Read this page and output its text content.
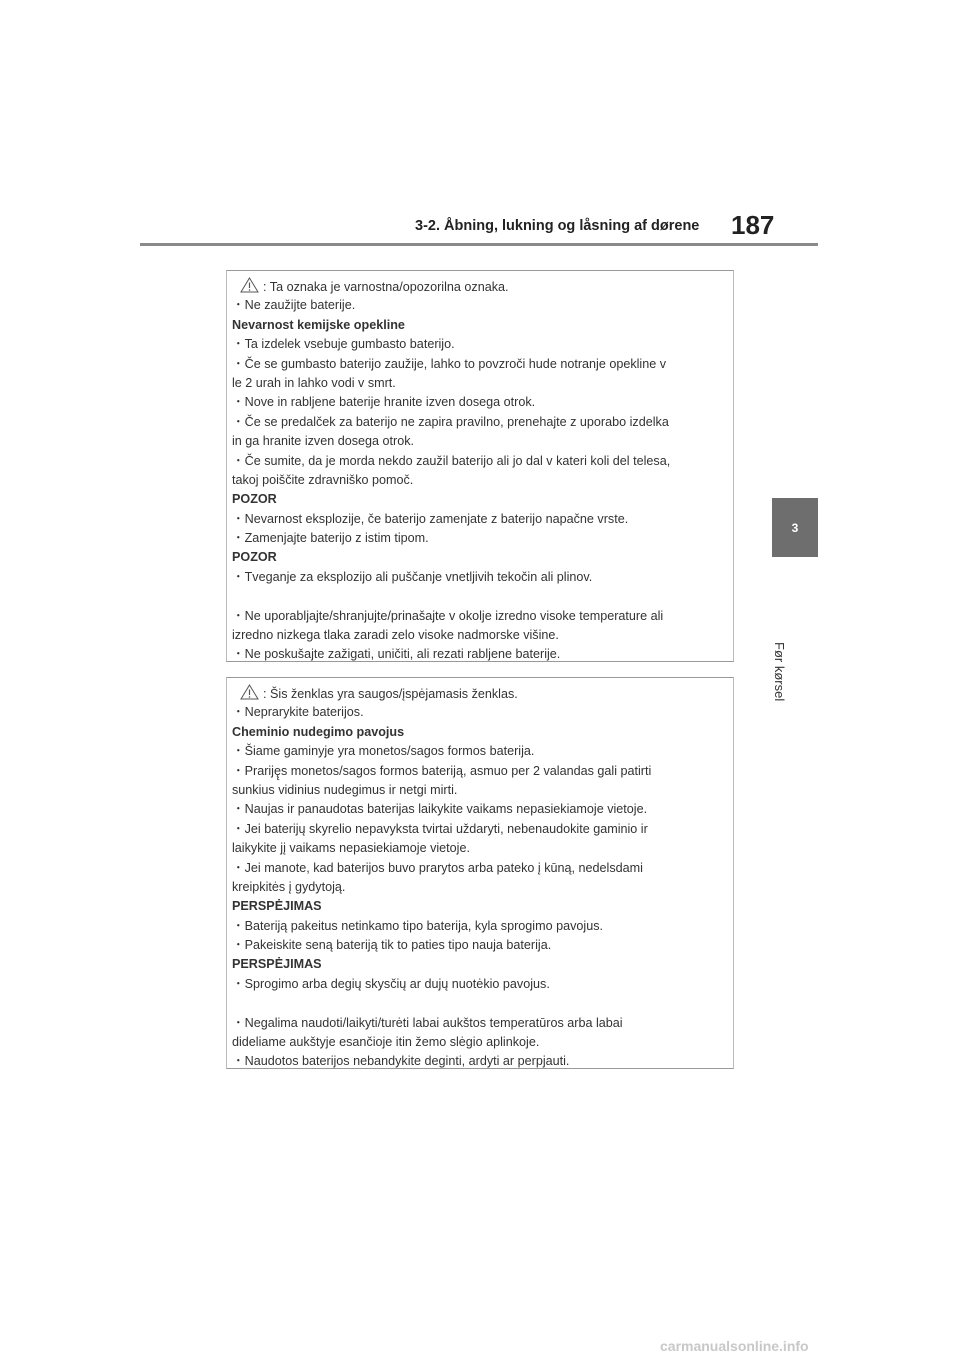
3-2. Åbning, lukning og låsning af dørene 187
3
Før kørsel
: Ta oznaka je varnostna/opozorilna oznaka.
・Ne zaužijte baterije.
Nevarnost kemijske opekline
・Ta izdelek vsebuje gumbasto baterijo.
・Če se gumbasto baterijo zaužije, lahko to povzroči hude notranje opekline v
le 2 urah in lahko vodi v smrt.
・Nove in rabljene baterije hranite izven dosega otrok.
・Če se predalček za baterijo ne zapira pravilno, prenehajte z uporabo izdelka
in ga hranite izven dosega otrok.
・Če sumite, da je morda nekdo zaužil baterijo ali jo dal v kateri koli del telesa,
takoj poiščite zdravniško pomoč.
POZOR
・Nevarnost eksplozije, če baterijo zamenjate z baterijo napačne vrste.
・Zamenjajte baterijo z istim tipom.
POZOR
・Tveganje za eksplozijo ali puščanje vnetljivih tekočin ali plinov.
・Ne uporabljajte/shranjujte/prinašajte v okolje izredno visoke temperature ali
izredno nizkega tlaka zaradi zelo visoke nadmorske višine.
・Ne poskušajte zažigati, uničiti, ali rezati rabljene baterije.
: Šis ženklas yra saugos/įspėjamasis ženklas.
・Neprarykite baterijos.
Cheminio nudegimo pavojus
・Šiame gaminyje yra monetos/sagos formos baterija.
・Prariję̨s monetos/sagos formos bateriją, asmuo per 2 valandas gali patirti
sunkius vidinius nudegimus ir netgi mirti.
・Naujas ir panaudotas baterijas laikykite vaikams nepasiekiamoje vietoje.
・Jei baterijų skyrelio nepavyksta tvirtai uždaryti, nebenaudokite gaminio ir
laikykite jį vaikams nepasiekiamoje vietoje.
・Jei manote, kad baterijos buvo prarytos arba pateko į kūną, nedelsdami
kreipkitės į gydytoją.
PERSPĖJIMAS
・Bateriją pakeitus netinkamo tipo baterija, kyla sprogimo pavojus.
・Pakeiskite seną bateriją tik to paties tipo nauja baterija.
PERSPĖJIMAS
・Sprogimo arba degių skysčių ar dujų nuotėkio pavojus.
・Negalima naudoti/laikyti/turėti labai aukštos temperatūros arba labai
dideliame aukštyje esančioje itin žemo slėgio aplinkoje.
・Naudotos baterijos nebandykite deginti, ardyti ar perpjauti.
carmanualsonline.info
